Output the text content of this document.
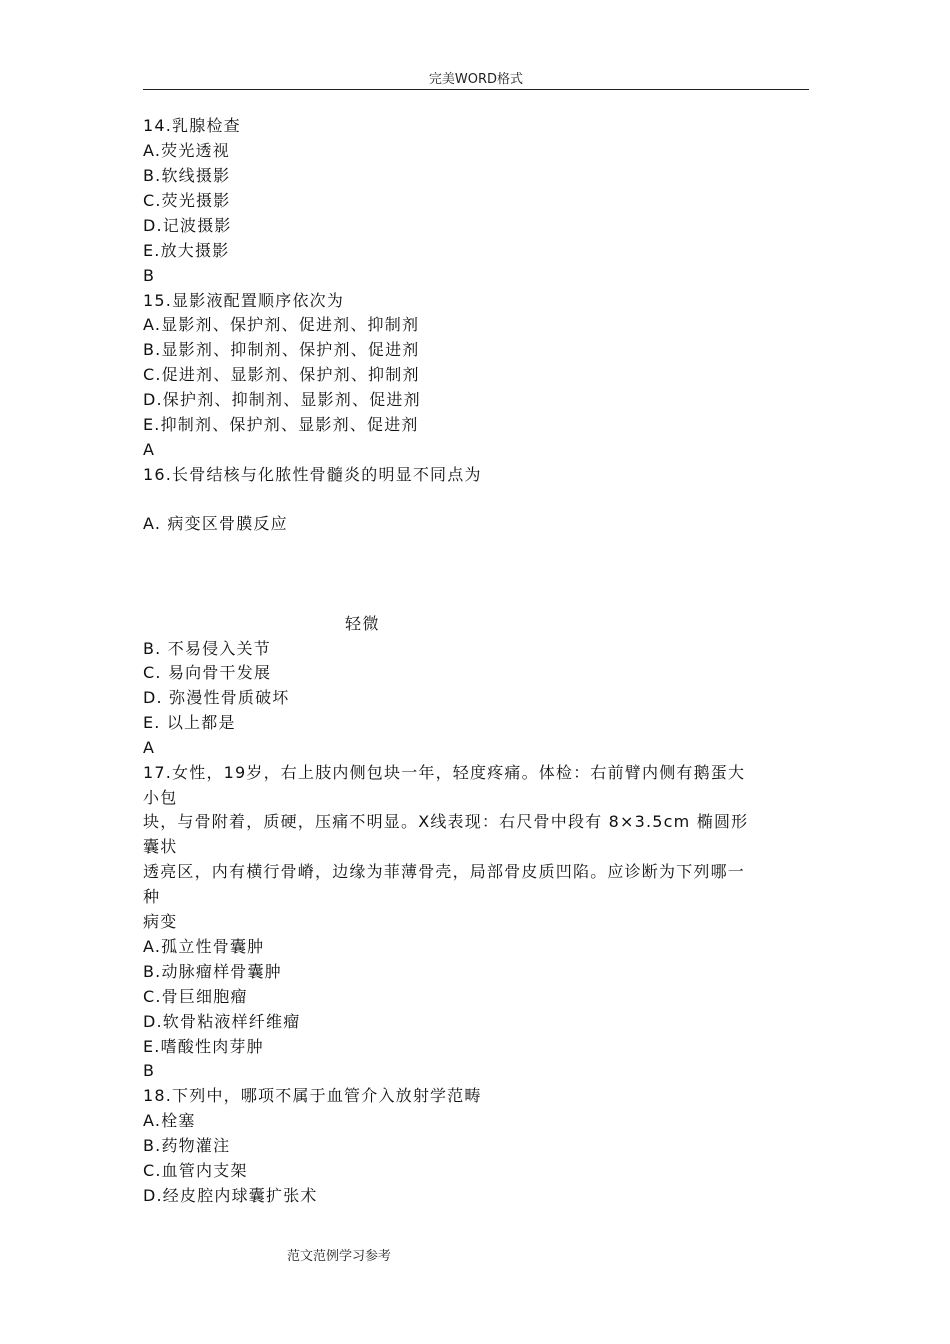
完美WORD格式
14.乳腺检查
A.荧光透视
B.软线摄影
C.荧光摄影
D.记波摄影
E.放大摄影
B
15.显影液配置顺序依次为
A.显影剂、保护剂、促进剂、抑制剂
B.显影剂、抑制剂、保护剂、促进剂
C.促进剂、显影剂、保护剂、抑制剂
D.保护剂、抑制剂、显影剂、促进剂
E.抑制剂、保护剂、显影剂、促进剂
A
16.长骨结核与化脓性骨髓炎的明显不同点为
A. 病变区骨膜反应
轻微
B. 不易侵入关节
C. 易向骨干发展
D. 弥漫性骨质破坏
E. 以上都是
A
17.女性，19岁，右上肢内侧包块一年，轻度疼痛。体检：右前臂内侧有鹅蛋大
小包
块，与骨附着，质硬，压痛不明显。X线表现：右尺骨中段有 8×3.5cm 椭圆形
囊状
透亮区，内有横行骨嵴，边缘为菲薄骨壳，局部骨皮质凹陷。应诊断为下列哪一
种
病变
A.孤立性骨囊肿
B.动脉瘤样骨囊肿
C.骨巨细胞瘤
D.软骨粘液样纤维瘤
E.嗜酸性肉芽肿
B
18.下列中，哪项不属于血管介入放射学范畴
A.栓塞
B.药物灌注
C.血管内支架
D.经皮腔内球囊扩张术
范文范例学习参考
